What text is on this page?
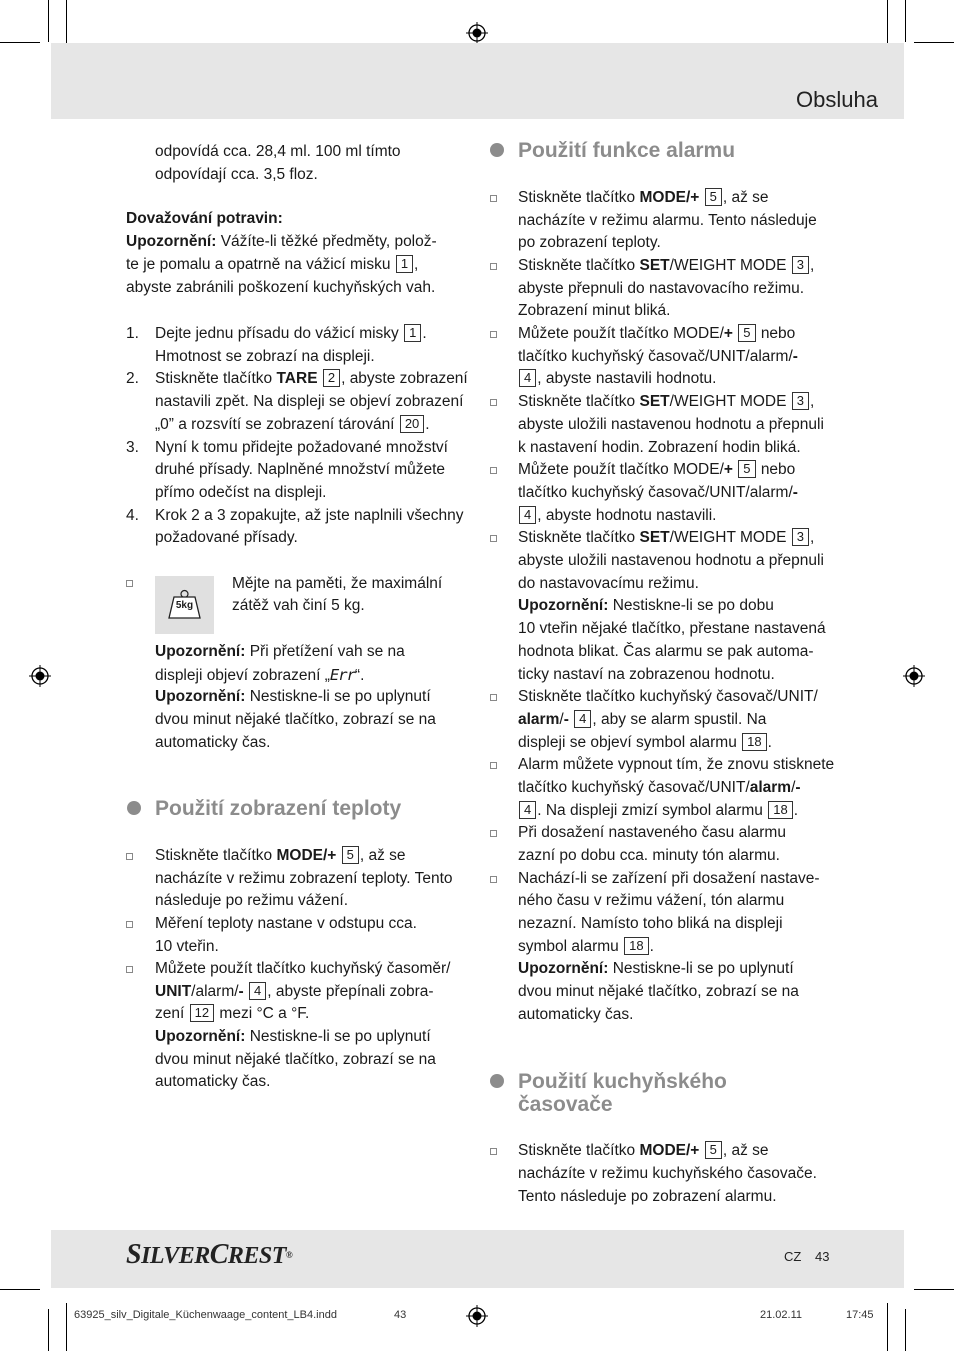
Obsluha
odpovídá cca. 28,4 ml. 100 ml tímto
odpovídají cca. 3,5 floz.
Dovažování potravin:
Upozornění: Vážíte-li těžké předměty, polož-
te je pomalu a opatrně na vážicí misku 1 ,
abyste zabránili poškození kuchyňských vah.
1. Dejte jednu přísadu do vážicí misky 1 .
Hmotnost se zobrazí na displeji.
2. Stiskněte tlačítko TARE 2 , abyste zobrazení
nastavili zpět. Na displeji se objeví zobrazení
„0” a rozsvítí se zobrazení tárování 20 .
3. Nyní k tomu přidejte požadované množství
druhé přísady. Naplněné množství můžete
přímo odečíst na displeji.
4. Krok 2 a 3 zopakujte, až jste naplnili všechny
požadované přísady.
5kg
Mějte na paměti, že maximální
zátěž vah činí 5 kg.
Upozornění: Při přetížení vah se na
displeji objeví zobrazení „Err“.
Upozornění: Nestiskne-li se po uplynutí
dvou minut nějaké tlačítko, zobrazí se na
automaticky čas.
Použití zobrazení teploty
Stiskněte tlačítko MODE/+ 5 , až se
nacházíte v režimu zobrazení teploty. Tento
následuje po režimu vážení.
Měření teploty nastane v odstupu cca.
10 vteřin.
Můžete použít tlačítko kuchyňský časoměr/
UNIT/alarm/- 4 , abyste přepínali zobra-
zení 12 mezi °C a °F.
Upozornění: Nestiskne-li se po uplynutí
dvou minut nějaké tlačítko, zobrazí se na
automaticky čas.
Použití funkce alarmu
Stiskněte tlačítko MODE/+ 5 , až se
nacházíte v režimu alarmu. Tento následuje
po zobrazení teploty.
Stiskněte tlačítko SET/WEIGHT MODE 3 ,
abyste přepnuli do nastavovacího režimu.
Zobrazení minut bliká.
Můžete použít tlačítko MODE/+ 5 nebo
tlačítko kuchyňský časovač/UNIT/alarm/-
4 , abyste nastavili hodnotu.
Stiskněte tlačítko SET/WEIGHT MODE 3 ,
abyste uložili nastavenou hodnotu a přepnuli
k nastavení hodin. Zobrazení hodin bliká.
Můžete použít tlačítko MODE/+ 5 nebo
tlačítko kuchyňský časovač/UNIT/alarm/-
4 , abyste hodnotu nastavili.
Stiskněte tlačítko SET/WEIGHT MODE 3 ,
abyste uložili nastavenou hodnotu a přepnuli
do nastavovacímu režimu.
Upozornění: Nestiskne-li se po dobu
10 vteřin nějaké tlačítko, přestane nastavená
hodnota blikat. Čas alarmu se pak automa-
ticky nastaví na zobrazenou hodnotu.
Stiskněte tlačítko kuchyňský časovač/UNIT/
alarm/- 4 , aby se alarm spustil. Na
displeji se objeví symbol alarmu 18 .
Alarm můžete vypnout tím, že znovu stisknete
tlačítko kuchyňský časovač/UNIT/alarm/-
4 . Na displeji zmizí symbol alarmu 18 .
Při dosažení nastaveného času alarmu
zazní po dobu cca. minuty tón alarmu.
Nachází-li se zařízení při dosažení nastave-
ného času v režimu vážení, tón alarmu
nezazní. Namísto toho bliká na displeji
symbol alarmu 18 .
Upozornění: Nestiskne-li se po uplynutí
dvou minut nějaké tlačítko, zobrazí se na
automaticky čas.
Použití kuchyňského
časovače
Stiskněte tlačítko MODE/+ 5 , až se
nacházíte v režimu kuchyňského časovače.
Tento následuje po zobrazení alarmu.
SILVERCREST®	CZ 43
63925_silv_Digitale_Küchenwaage_content_LB4.indd	43	21.02.11	17:45
